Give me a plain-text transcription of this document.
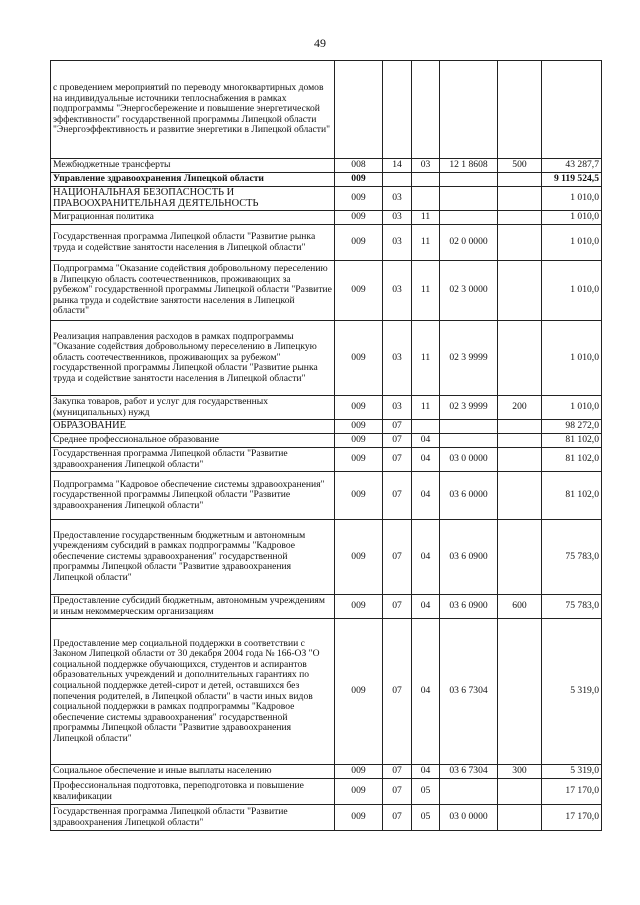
49
с проведением мероприятий по переводу многоквартирных домов на индивидуальные источники теплоснабжения в рамках подпрограммы "Энергосбережение и повышение энергетической эффективности" государственной программы Липецкой области "Энергоэффективность и развитие энергетики в Липецкой области"						
Межбюджетные трансферты	008	14	03	12 1 8608	500	43 287,7
Управление здравоохранения Липецкой области	009					9 119 524,5
НАЦИОНАЛЬНАЯ БЕЗОПАСНОСТЬ И ПРАВООХРАНИТЕЛЬНАЯ ДЕЯТЕЛЬНОСТЬ	009	03				1 010,0
Миграционная политика	009	03	11			1 010,0
Государственная программа Липецкой области "Развитие рынка труда и содействие занятости населения в Липецкой области"	009	03	11	02 0 0000		1 010,0
Подпрограмма "Оказание содействия добровольному переселению в Липецкую область соотечественников, проживающих за рубежом" государственной программы Липецкой области "Развитие рынка труда и содействие занятости населения в Липецкой области"	009	03	11	02 3 0000		1 010,0
Реализация направления расходов в рамках подпрограммы "Оказание содействия добровольному переселению в Липецкую область соотечественников, проживающих за рубежом" государственной программы Липецкой области "Развитие рынка труда и содействие занятости населения в Липецкой области"	009	03	11	02 3 9999		1 010,0
Закупка товаров, работ и услуг для государственных (муниципальных) нужд	009	03	11	02 3 9999	200	1 010,0
ОБРАЗОВАНИЕ	009	07				98 272,0
Среднее профессиональное образование	009	07	04			81 102,0
Государственная программа Липецкой области "Развитие здравоохранения Липецкой области"	009	07	04	03 0 0000		81 102,0
Подпрограмма "Кадровое обеспечение системы здравоохранения" государственной программы Липецкой области "Развитие здравоохранения Липецкой области"	009	07	04	03 6 0000		81 102,0
Предоставление государственным бюджетным и автономным учреждениям субсидий в рамках подпрограммы "Кадровое обеспечение системы здравоохранения" государственной программы Липецкой области "Развитие здравоохранения Липецкой области"	009	07	04	03 6 0900		75 783,0
Предоставление субсидий бюджетным, автономным учреждениям и иным некоммерческим организациям	009	07	04	03 6 0900	600	75 783,0
Предоставление мер социальной поддержки в соответствии с Законом Липецкой области от 30 декабря 2004 года № 166-ОЗ "О социальной поддержке обучающихся, студентов и аспирантов образовательных учреждений и дополнительных гарантиях по социальной поддержке детей-сирот и детей, оставшихся без попечения родителей, в Липецкой области" в части иных видов социальной поддержки в рамках подпрограммы "Кадровое обеспечение системы здравоохранения" государственной программы Липецкой области "Развитие здравоохранения Липецкой области"	009	07	04	03 6 7304		5 319,0
Социальное обеспечение и иные выплаты населению	009	07	04	03 6 7304	300	5 319,0
Профессиональная подготовка, переподготовка и повышение квалификации	009	07	05			17 170,0
Государственная программа Липецкой области "Развитие здравоохранения Липецкой области"	009	07	05	03 0 0000		17 170,0
